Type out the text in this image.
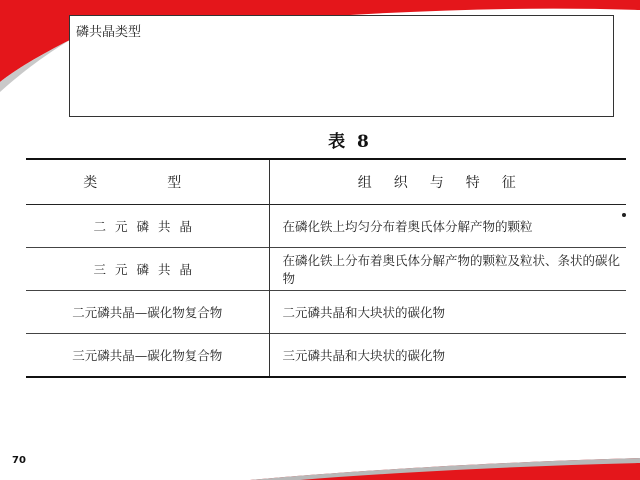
磷共晶类型
表 8
类型	组织与特征
二元磷共晶	在磷化铁上均匀分布着奥氏体分解产物的颗粒
三元磷共晶	在磷化铁上分布着奥氏体分解产物的颗粒及粒状、条状的碳化物
二元磷共晶—碳化物复合物	二元磷共晶和大块状的碳化物
三元磷共晶—碳化物复合物	三元磷共晶和大块状的碳化物
70
